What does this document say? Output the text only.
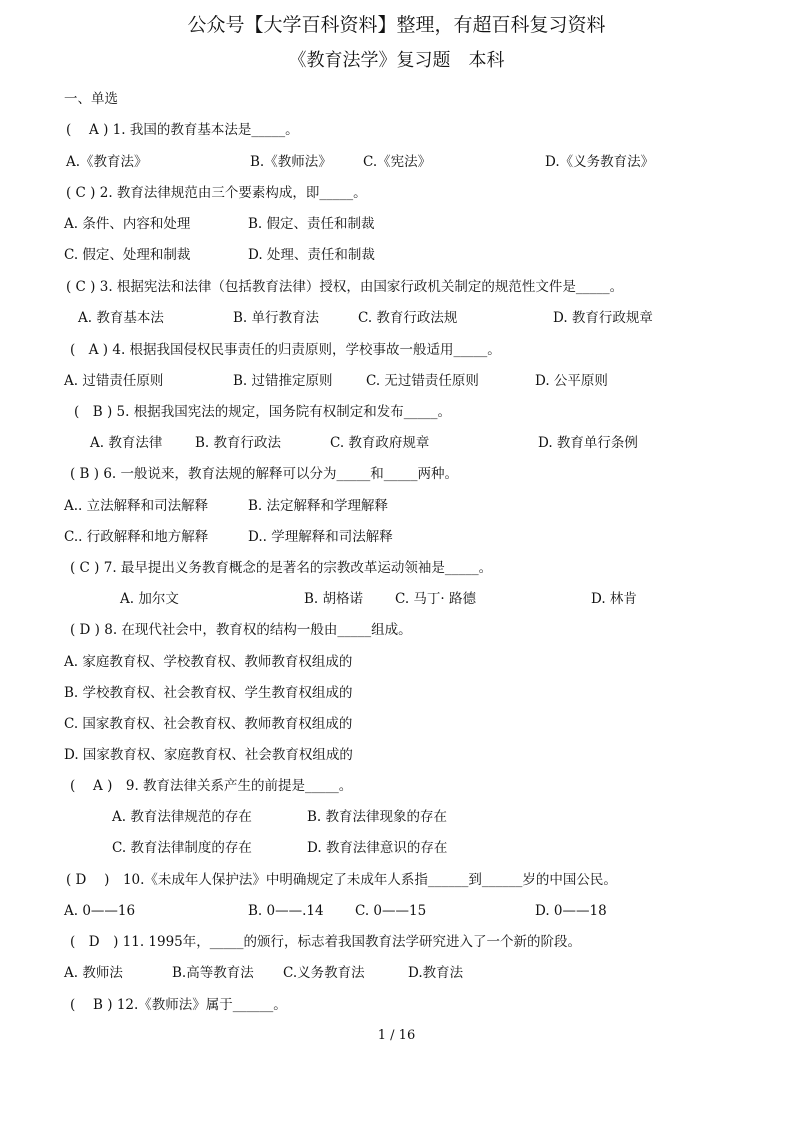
公众号【大学百科资料】整理，有超百科复习资料
《教育法学》复习题　本科
一、单选
(　 A ) 1. 我国的教育基本法是_____。
A.《教育法》	B.《教师法》 C.《宪法》	D.《义务教育法》
( C ) 2. 教育法律规范由三个要素构成，即_____。
A. 条件、内容和处理	B. 假定、责任和制裁
C. 假定、处理和制裁	D. 处理、责任和制裁
( C ) 3. 根据宪法和法律（包括教育法律）授权，由国家行政机关制定的规范性文件是_____。
A. 教育基本法	B. 单行教育法	C. 教育行政法规	D. 教育行政规章
(　A ) 4. 根据我国侵权民事责任的归责原则，学校事故一般适用_____。
A. 过错责任原则	B. 过错推定原则 C. 无过错责任原则	D. 公平原则
(　B ) 5. 根据我国宪法的规定，国务院有权制定和发布_____。
A. 教育法律 B. 教育行政法	C. 教育政府规章	D. 教育单行条例
( B ) 6. 一般说来，教育法规的解释可以分为_____和_____两种。
A.. 立法解释和司法解释	B. 法定解释和学理解释
C.. 行政解释和地方解释	D.. 学理解释和司法解释
( C ) 7. 最早提出义务教育概念的是著名的宗教改革运动领袖是_____。
A. 加尔文	B. 胡格诺 C. 马丁· 路德	D. 林肯
( D ) 8. 在现代社会中，教育权的结构一般由_____组成。
A. 家庭教育权、学校教育权、教师教育权组成的
B. 学校教育权、社会教育权、学生教育权组成的
C. 国家教育权、社会教育权、教师教育权组成的
D. 国家教育权、家庭教育权、社会教育权组成的
(　 A )　9. 教育法律关系产生的前提是_____。
A. 教育法律规范的存在	B. 教育法律现象的存在
C. 教育法律制度的存在	D. 教育法律意识的存在
( D　 )　10.《未成年人保护法》中明确规定了未成年人系指______到______岁的中国公民。
A. 0——16	B. 0——.14 C. 0——15	D. 0——18
(　D　) 11. 1995年，_____的颁行，标志着我国教育法学研究进入了一个新的阶段。
A. 教师法	B.高等教育法 C.义务教育法	D.教育法
(　 B ) 12.《教师法》属于______。
1 / 16
